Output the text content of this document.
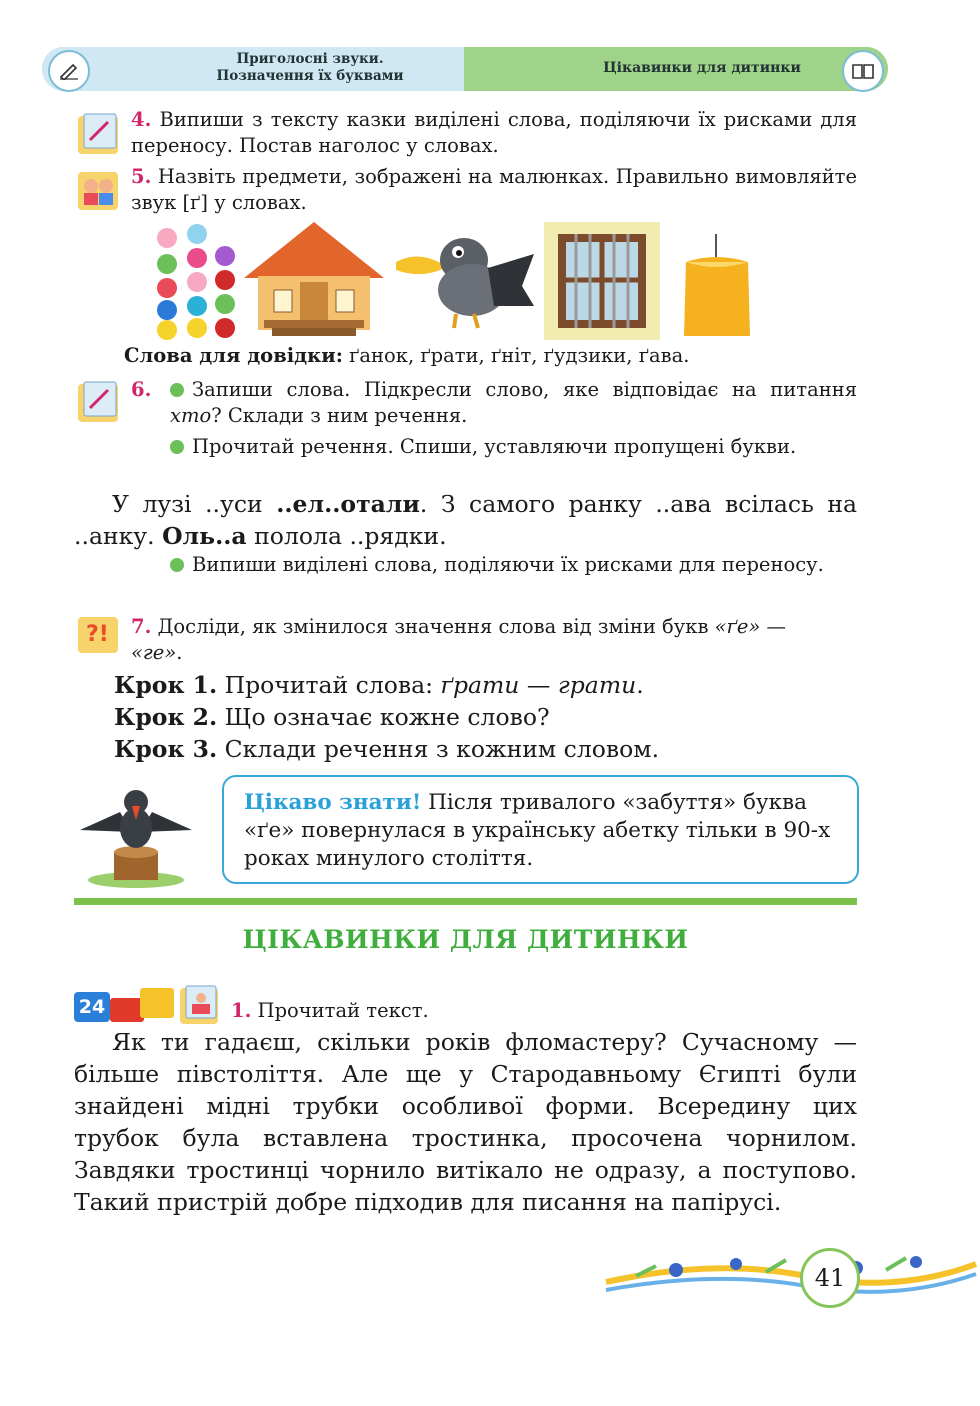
Приголосні звуки.
Позначення їх буквами	Цікавинки для дитинки
4. Випиши з тексту казки виділені слова, поділяючи їх рисками для переносу. Постав наголос у словах.
5. Назвіть предмети, зображені на малюнках. Правильно вимовляйте звук [ґ] у словах.
Слова для довідки: ґанок, ґрати, ґніт, ґудзики, ґава.
6.	Запиши слова. Підкресли слово, яке відповідає на питання хто? Склади з ним речення.
Прочитай речення. Спиши, уставляючи пропущені букви.
У лузі ..уси ..ел..отали. З самого ранку ..ава всілась на ..анку. Оль..а полола ..рядки.
Випиши виділені слова, поділяючи їх рисками для переносу.
?! 7. Досліди, як змінилося значення слова від зміни букв «ґе» —
«ге».
Крок 1. Прочитай слова: ґрати — грати.
Крок 2. Що означає кожне слово?
Крок 3. Склади речення з кожним словом.
Цікаво знати! Після тривалого «забуття» буква «ґе» повернулася в українську абетку тільки в 90-х роках минулого століття.
ЦІКАВИНКИ ДЛЯ ДИТИНКИ
24	1. Прочитай текст.
Як ти гадаєш, скільки років фломастеру? Сучасному — більше півстоліття. Але ще у Стародавньому Єгипті були знайдені мідні трубки особливої форми. Всередину цих трубок була вставлена тростинка, просочена чорнилом. Завдяки тростинці чорнило витікало не одразу, а поступово. Такий пристрій добре підходив для писання на папірусі.
41
